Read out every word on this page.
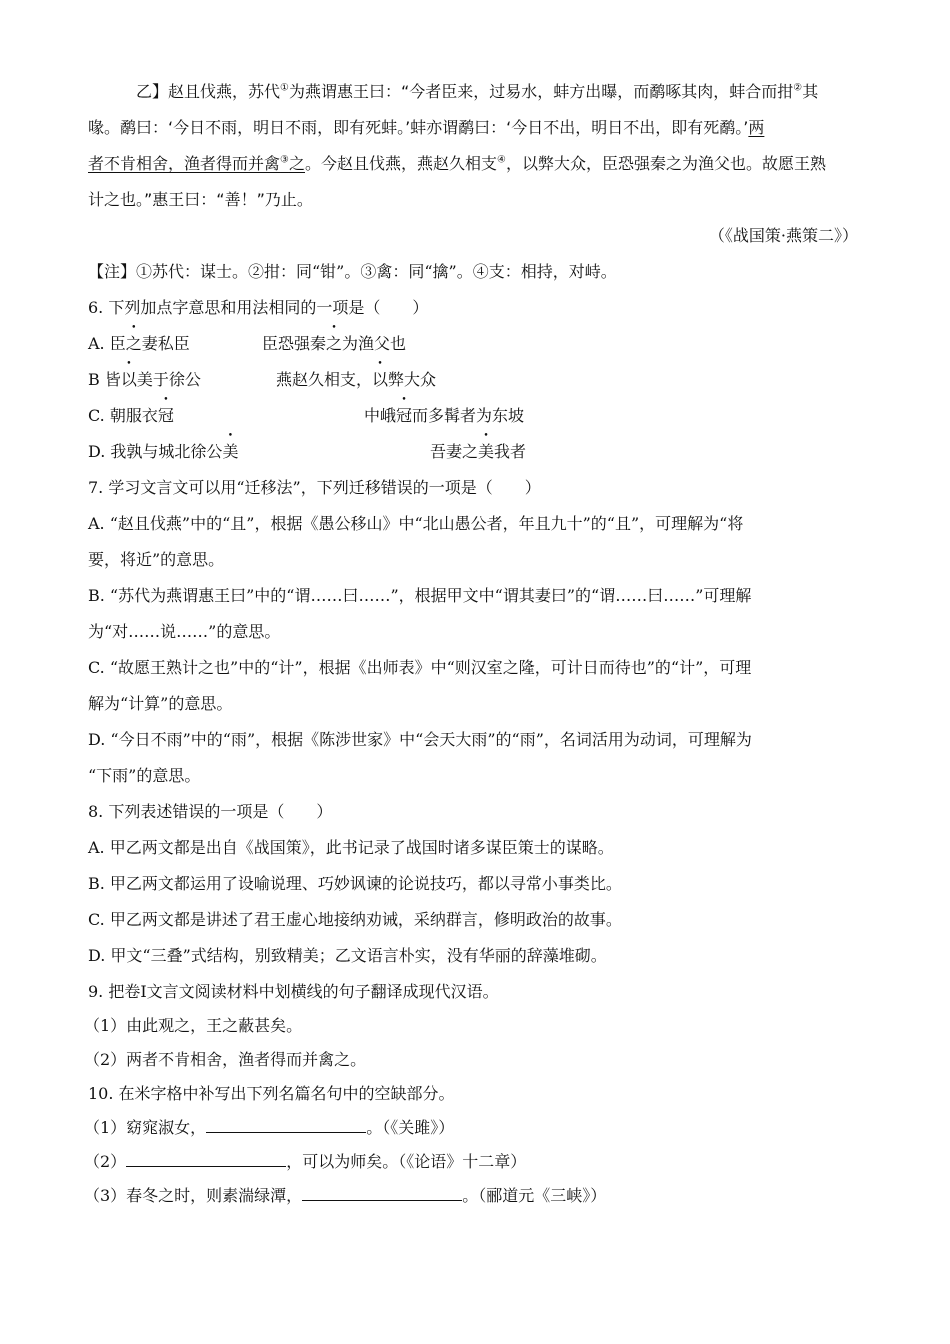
乙】赵且伐燕，苏代①为燕谓惠王曰：“今者臣来，过易水，蚌方出曝，而鹬啄其肉，蚌合而拑②其
喙。鹬曰：‘今日不雨，明日不雨，即有死蚌。’蚌亦谓鹬曰：‘今日不出，明日不出，即有死鹬。’两
者不肯相舍，渔者得而并禽③之。今赵且伐燕，燕赵久相支④，以弊大众，臣恐强秦之为渔父也。故愿王熟
计之也。”惠王曰：“善！”乃止。
（《战国策·燕策二》）
【注】①苏代：谋士。②拑：同“钳”。③禽：同“擒”。④支：相持，对峙。
6. 下列加点字意思和用法相同的一项是（　　）
A. 臣之妻私臣	臣恐强秦之为渔父也
B 皆以美于徐公	燕赵久相支，以弊大众
C. 朝服衣冠	中峨冠而多髯者为东坡
D. 我孰与城北徐公美	吾妻之美我者
7. 学习文言文可以用“迁移法”，下列迁移错误的一项是（　　）
A. “赵且伐燕”中的“且”，根据《愚公移山》中“北山愚公者，年且九十”的“且”，可理解为“将
要，将近”的意思。
B. “苏代为燕谓惠王曰”中的“谓……曰……”，根据甲文中“谓其妻曰”的“谓……曰……”可理解
为“对……说……”的意思。
C. “故愿王熟计之也”中的“计”，根据《出师表》中“则汉室之隆，可计日而待也”的“计”，可理
解为“计算”的意思。
D. “今日不雨”中的“雨”，根据《陈涉世家》中“会天大雨”的“雨”，名词活用为动词，可理解为
“下雨”的意思。
8. 下列表述错误的一项是（　　）
A. 甲乙两文都是出自《战国策》，此书记录了战国时诸多谋臣策士的谋略。
B. 甲乙两文都运用了设喻说理、巧妙讽谏的论说技巧，都以寻常小事类比。
C. 甲乙两文都是讲述了君王虚心地接纳劝诫，采纳群言，修明政治的故事。
D. 甲文“三叠”式结构，别致精美；乙文语言朴实，没有华丽的辞藻堆砌。
9. 把卷Ⅰ文言文阅读材料中划横线的句子翻译成现代汉语。
（1）由此观之，王之蔽甚矣。
（2）两者不肯相舍，渔者得而并禽之。
10. 在米字格中补写出下列名篇名句中的空缺部分。
（1）窈窕淑女，	。（《关雎》）
（2）	，可以为师矣。（《论语》十二章）
（3）春冬之时，则素湍绿潭，	。（郦道元《三峡》）
